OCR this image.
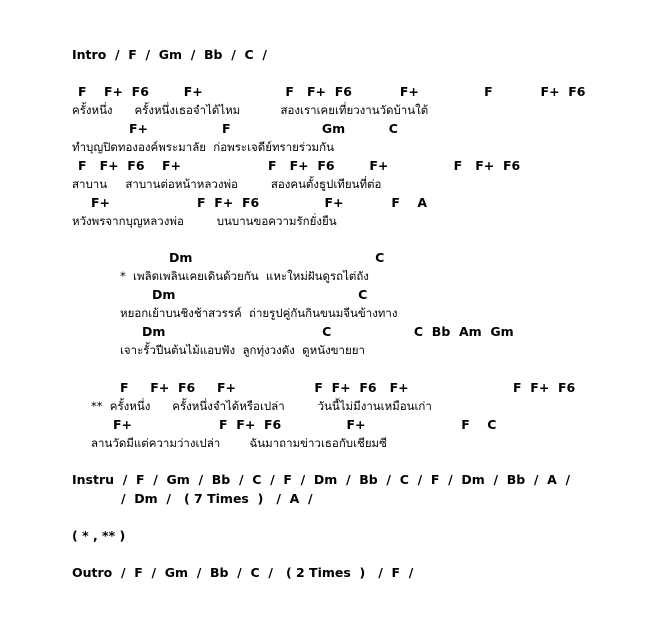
Intro  /  F  /  Gm  /  Bb  /  C  /
F    F+  F6        F+                   F   F+  F6           F+               F           F+  F6
ครั้งหนึ่ง      ครั้งหนึ่งเธอจำได้ไหม           สองเราเคยเที่ยวงานวัดบ้านใต้
F+                 F                     Gm          C
ทำบุญปิดทององค์พระมาลัย  ก่อพระเจดีย์ทรายร่วมกัน
F   F+  F6    F+                    F   F+  F6        F+               F   F+  F6
สาบาน     สาบานต่อหน้าหลวงพ่อ         สองคนตั้งธูปเทียนที่ต่อ
F+                    F  F+  F6               F+           F    A
หวังพรจากบุญหลวงพ่อ         บนบานขอความรักยั่งยืน
Dm                                          C
*  เพลิดเพลินเคยเดินด้วยกัน  แหะใหม่ฝันดูรถไต่ถัง
Dm                                          C
หยอกเย้าบนชิงช้าสวรรค์  ถ่ายรูปคู่กันกินขนมจีนข้างทาง
Dm                                    C                   C  Bb  Am  Gm
เจาะรั้วปีนต้นไม้แอบฟัง  ลูกทุ่งวงดัง  ดูหนังขายยา
F     F+  F6     F+                  F  F+  F6   F+                        F  F+  F6
**  ครั้งหนึ่ง      ครั้งหนึ่งจำได้หรือเปล่า         วันนี้ไม่มีงานเหมือนเก่า
F+                    F  F+  F6               F+                      F    C
ลานวัดมีแต่ความว่างเปล่า        ฉันมาถามข่าวเธอกับเชียมซี
Instru  /  F  /  Gm  /  Bb  /  C  /  F  /  Dm  /  Bb  /  C  /  F  /  Dm  /  Bb  /  A  /
/  Dm  /   ( 7 Times  )   /  A  /
( * , ** )
Outro  /  F  /  Gm  /  Bb  /  C  /   ( 2 Times  )   /  F  /
